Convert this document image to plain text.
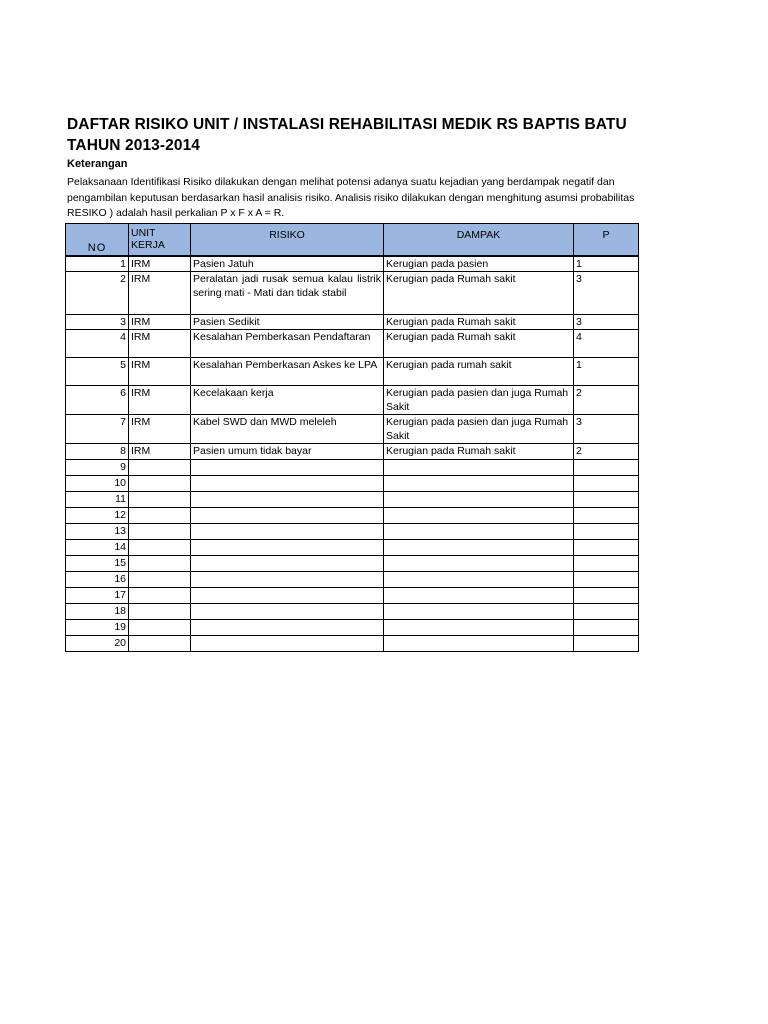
DAFTAR RISIKO UNIT / INSTALASI REHABILITASI MEDIK RS BAPTIS BATU
TAHUN 2013-2014
Keterangan
Pelaksanaan Identifikasi Risiko dilakukan dengan melihat potensi adanya suatu kejadian yang berdampak negatif dan
pengambilan keputusan berdasarkan hasil analisis risiko. Analisis risiko dilakukan dengan menghitung asumsi probabilitas
RESIKO ) adalah hasil perkalian P x F x A = R.
NO	UNIT KERJA	RISIKO	DAMPAK	P
1	IRM	Pasien Jatuh	Kerugian pada pasien	1
2	IRM	Peralatan jadi rusak semua kalau listrik sering mati - Mati dan tidak stabil	Kerugian pada Rumah sakit	3
3	IRM	Pasien Sedikit	Kerugian pada Rumah sakit	3
4	IRM	Kesalahan Pemberkasan Pendaftaran	Kerugian pada Rumah sakit	4
5	IRM	Kesalahan Pemberkasan Askes ke LPA	Kerugian pada rumah sakit	1
6	IRM	Kecelakaan kerja	Kerugian pada pasien dan juga Rumah Sakit	2
7	IRM	Kabel SWD dan MWD meleleh	Kerugian pada pasien dan juga Rumah Sakit	3
8	IRM	Pasien umum tidak bayar	Kerugian pada Rumah sakit	2
9				
10				
11				
12				
13				
14				
15				
16				
17				
18				
19				
20				
